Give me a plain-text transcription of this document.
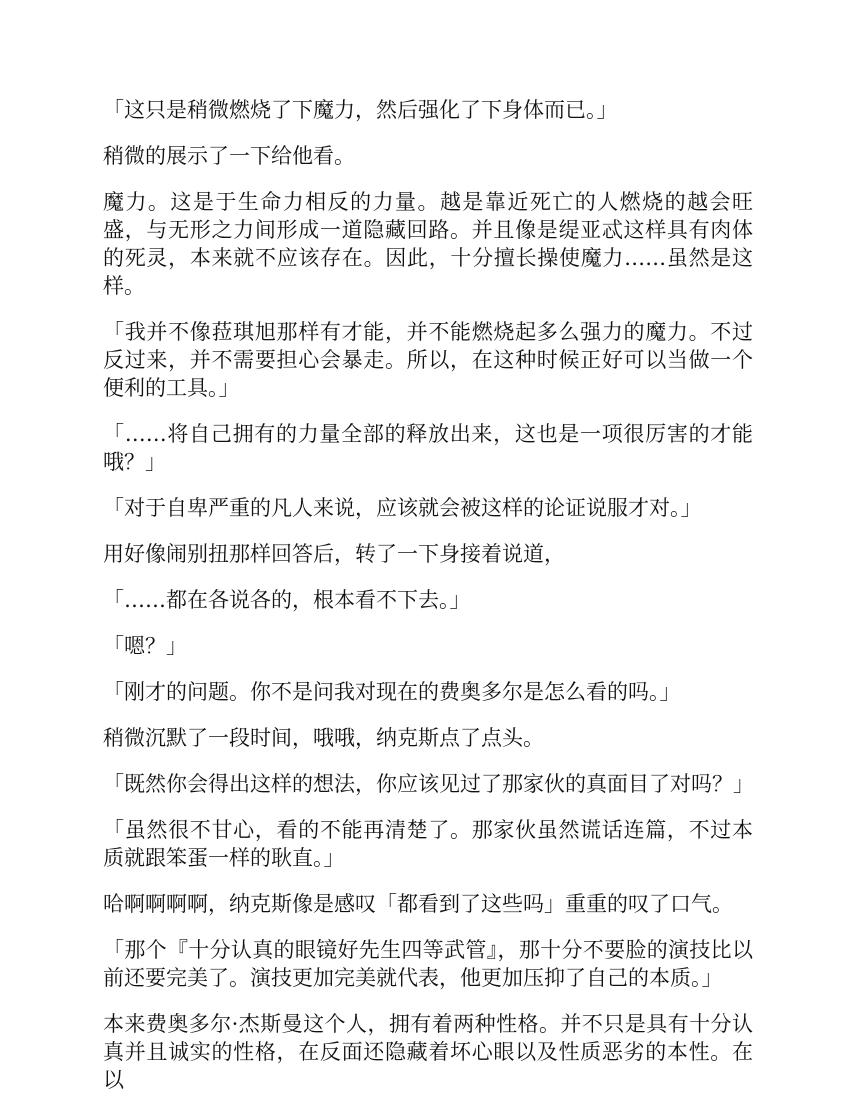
「这只是稍微燃烧了下魔力，然后强化了下身体而已。」

稍微的展示了一下给他看。

魔力。这是于生命力相反的力量。越是靠近死亡的人燃烧的越会旺盛，与无形之力间形成一道隐藏回路。并且像是缇亚忒这样具有肉体的死灵，本来就不应该存在。因此，十分擅长操使魔力……虽然是这样。

「我并不像菈琪旭那样有才能，并不能燃烧起多么强力的魔力。不过反过来，并不需要担心会暴走。所以，在这种时候正好可以当做一个便利的工具。」

「……将自己拥有的力量全部的释放出来，这也是一项很厉害的才能哦？」

「对于自卑严重的凡人来说，应该就会被这样的论证说服才对。」

用好像闹别扭那样回答后，转了一下身接着说道，

「……都在各说各的，根本看不下去。」

「嗯？」

「刚才的问题。你不是问我对现在的费奥多尔是怎么看的吗。」

稍微沉默了一段时间，哦哦，纳克斯点了点头。

「既然你会得出这样的想法，你应该见过了那家伙的真面目了对吗？」

「虽然很不甘心，看的不能再清楚了。那家伙虽然谎话连篇，不过本质就跟笨蛋一样的耿直。」

哈啊啊啊啊，纳克斯像是感叹「都看到了这些吗」重重的叹了口气。

「那个『十分认真的眼镜好先生四等武管』，那十分不要脸的演技比以前还要完美了。演技更加完美就代表，他更加压抑了自己的本质。」

本来费奥多尔·杰斯曼这个人，拥有着两种性格。并不只是具有十分认真并且诚实的性格，在反面还隐藏着坏心眼以及性质恶劣的本性。在以
